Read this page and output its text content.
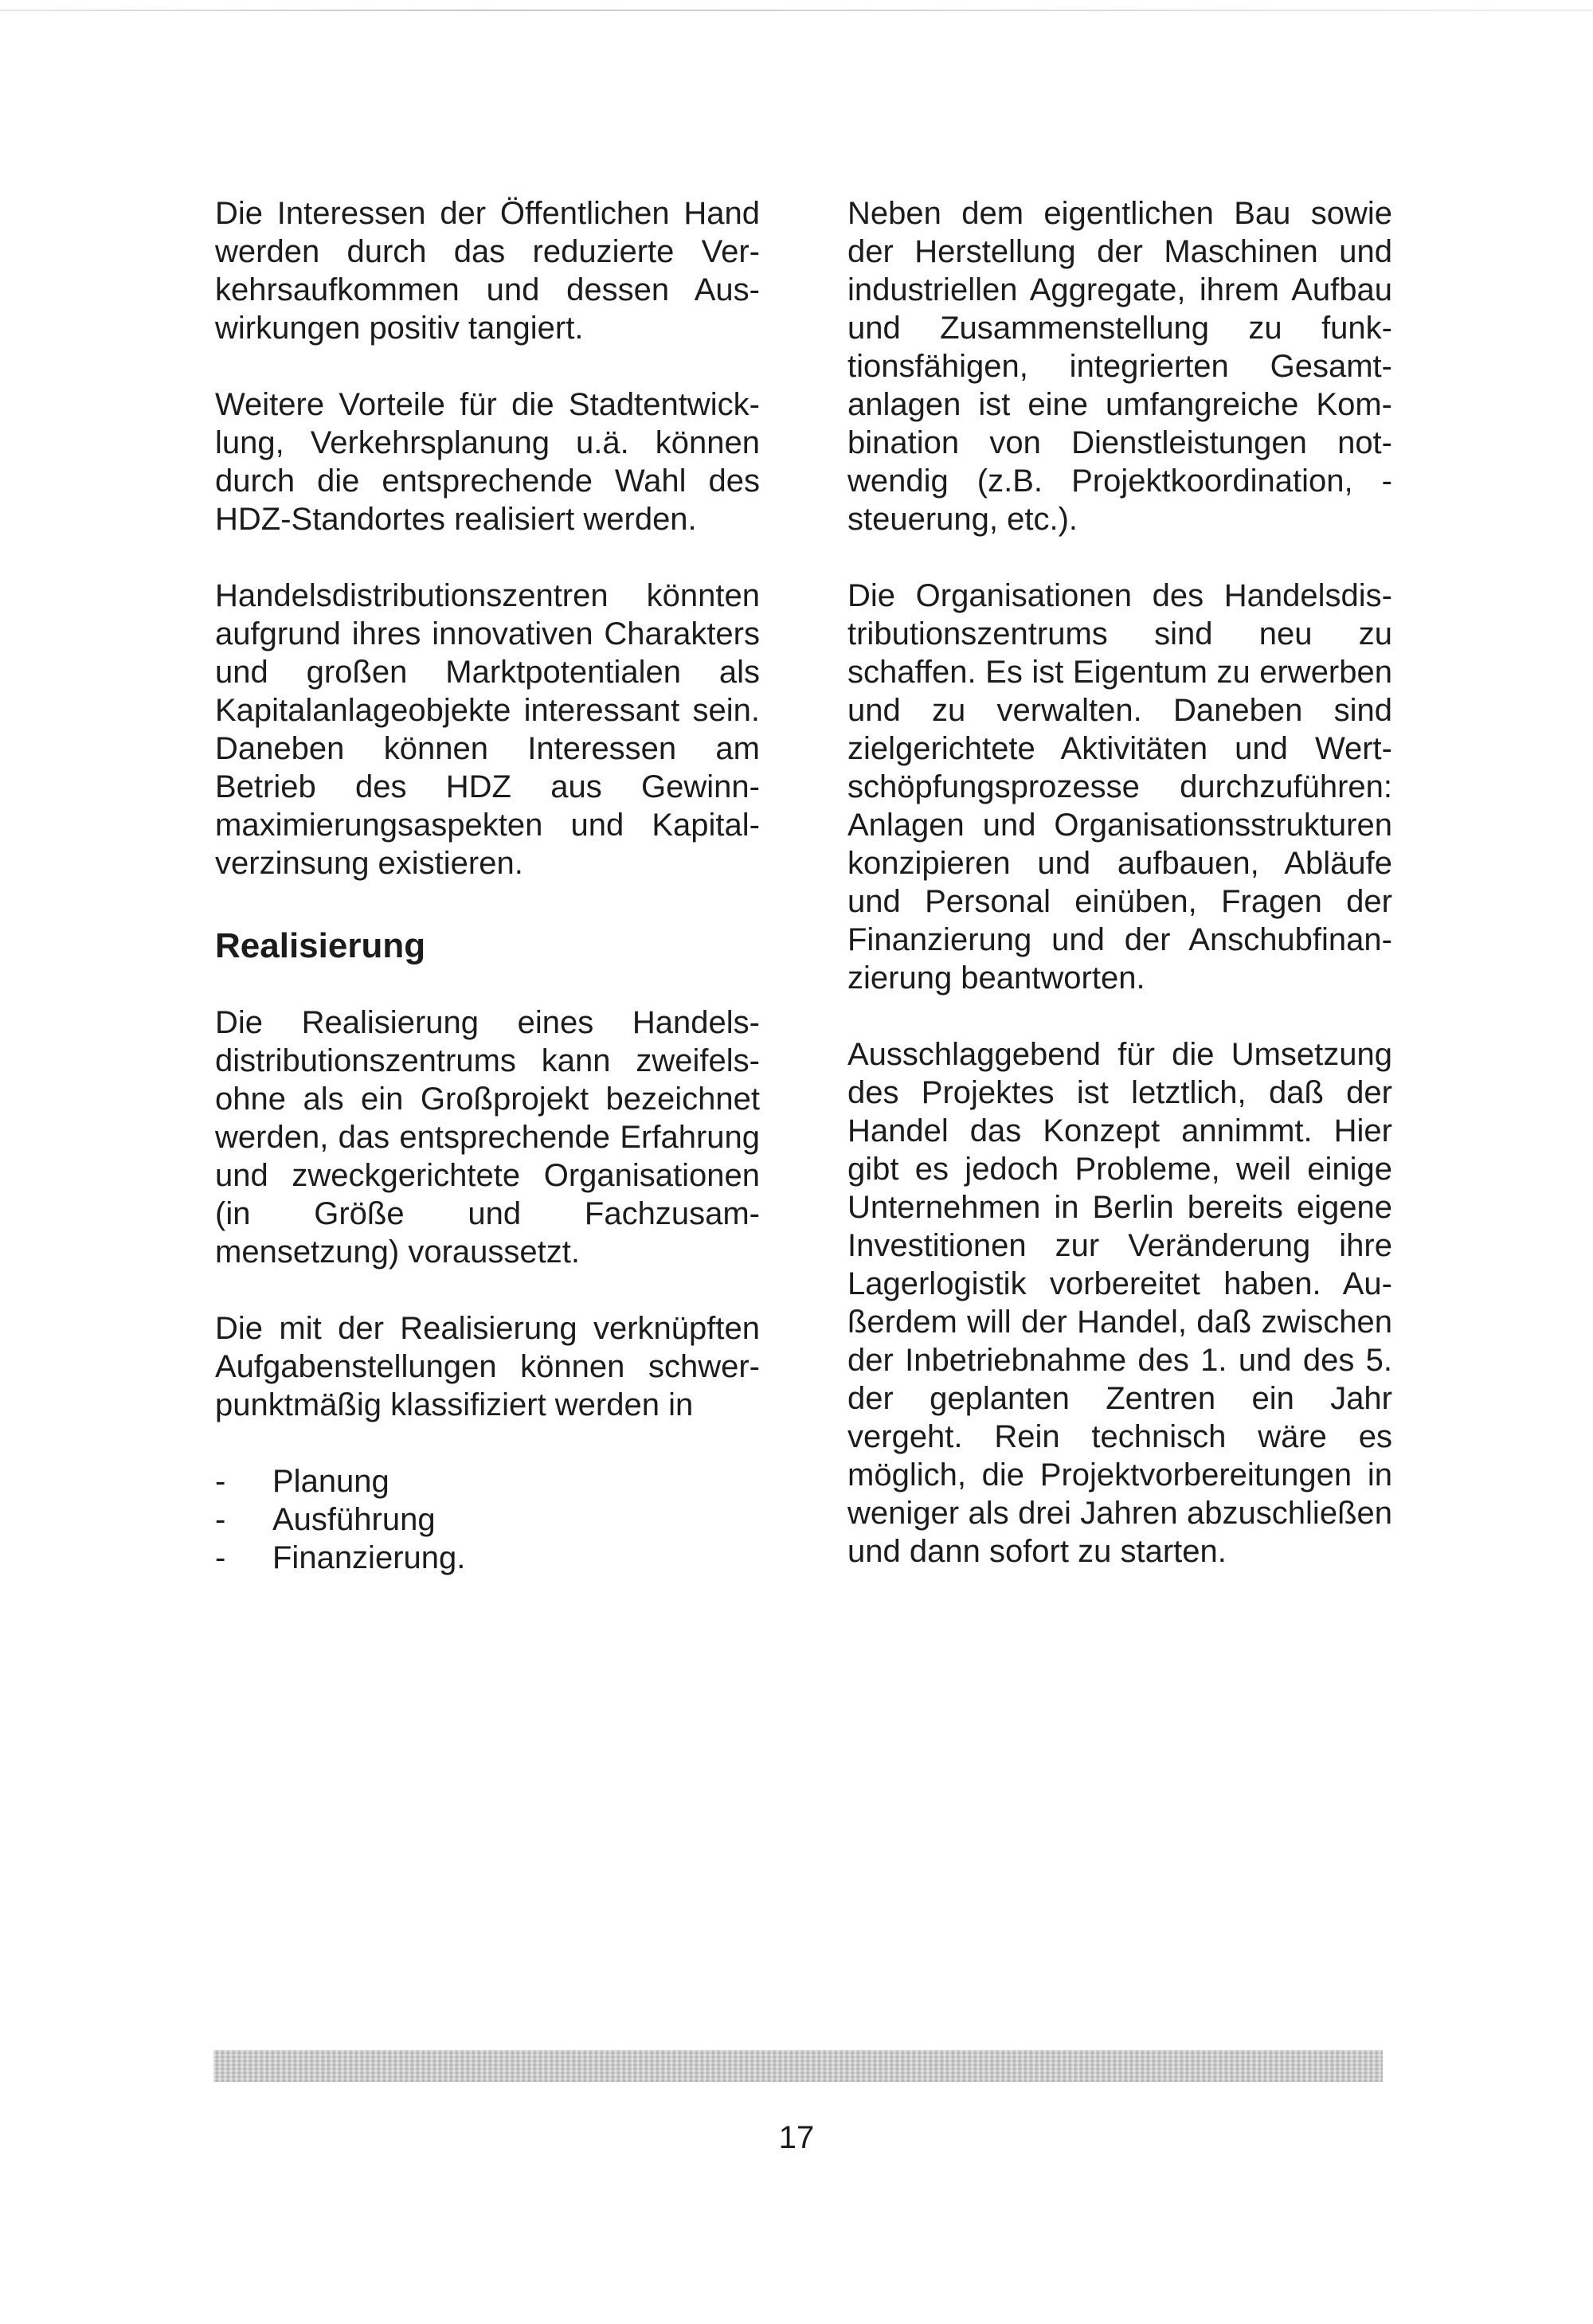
Die Interessen der Öffentlichen Hand werden durch das reduzierte Verkehrsaufkommen und dessen Auswirkungen positiv tangiert.

Weitere Vorteile für die Stadtentwicklung, Verkehrsplanung u.ä. können durch die entsprechende Wahl des HDZ-Standortes realisiert werden.

Handelsdistributionszentren könnten aufgrund ihres innovativen Charakters und großen Marktpotentialen als Kapitalanlageobjekte interessant sein. Daneben können Interessen am Betrieb des HDZ aus Gewinnmaximierungsaspekten und Kapitalverzinsung existieren.

Realisierung

Die Realisierung eines Handelsdistributionszentrums kann zweifelsohne als ein Großprojekt bezeichnet werden, das entsprechende Erfahrung und zweckgerichtete Organisationen (in Größe und Fachzusammensetzung) voraussetzt.

Die mit der Realisierung verknüpften Aufgabenstellungen können schwerpunktmäßig klassifiziert werden in

- Planung
- Ausführung
- Finanzierung.

Neben dem eigentlichen Bau sowie der Herstellung der Maschinen und industriellen Aggregate, ihrem Aufbau und Zusammenstellung zu funktionsfähigen, integrierten Gesamtanlagen ist eine umfangreiche Kombination von Dienstleistungen notwendig (z.B. Projektkoordination, steuerung, etc.).

Die Organisationen des Handelsdistributionszentrums sind neu zu schaffen. Es ist Eigentum zu erwerben und zu verwalten. Daneben sind zielgerichtete Aktivitäten und Wertschöpfungsprozesse durchzuführen: Anlagen und Organisationsstrukturen konzipieren und aufbauen, Abläufe und Personal einüben, Fragen der Finanzierung und der Anschubfinanzierung beantworten.

Ausschlaggebend für die Umsetzung des Projektes ist letztlich, daß der Handel das Konzept annimmt. Hier gibt es jedoch Probleme, weil einige Unternehmen in Berlin bereits eigene Investitionen zur Veränderung ihre Lagerlogistik vorbereitet haben. Außerdem will der Handel, daß zwischen der Inbetriebnahme des 1. und des 5. der geplanten Zentren ein Jahr vergeht. Rein technisch wäre es möglich, die Projektvorbereitungen in weniger als drei Jahren abzuschließen und dann sofort zu starten.

17
